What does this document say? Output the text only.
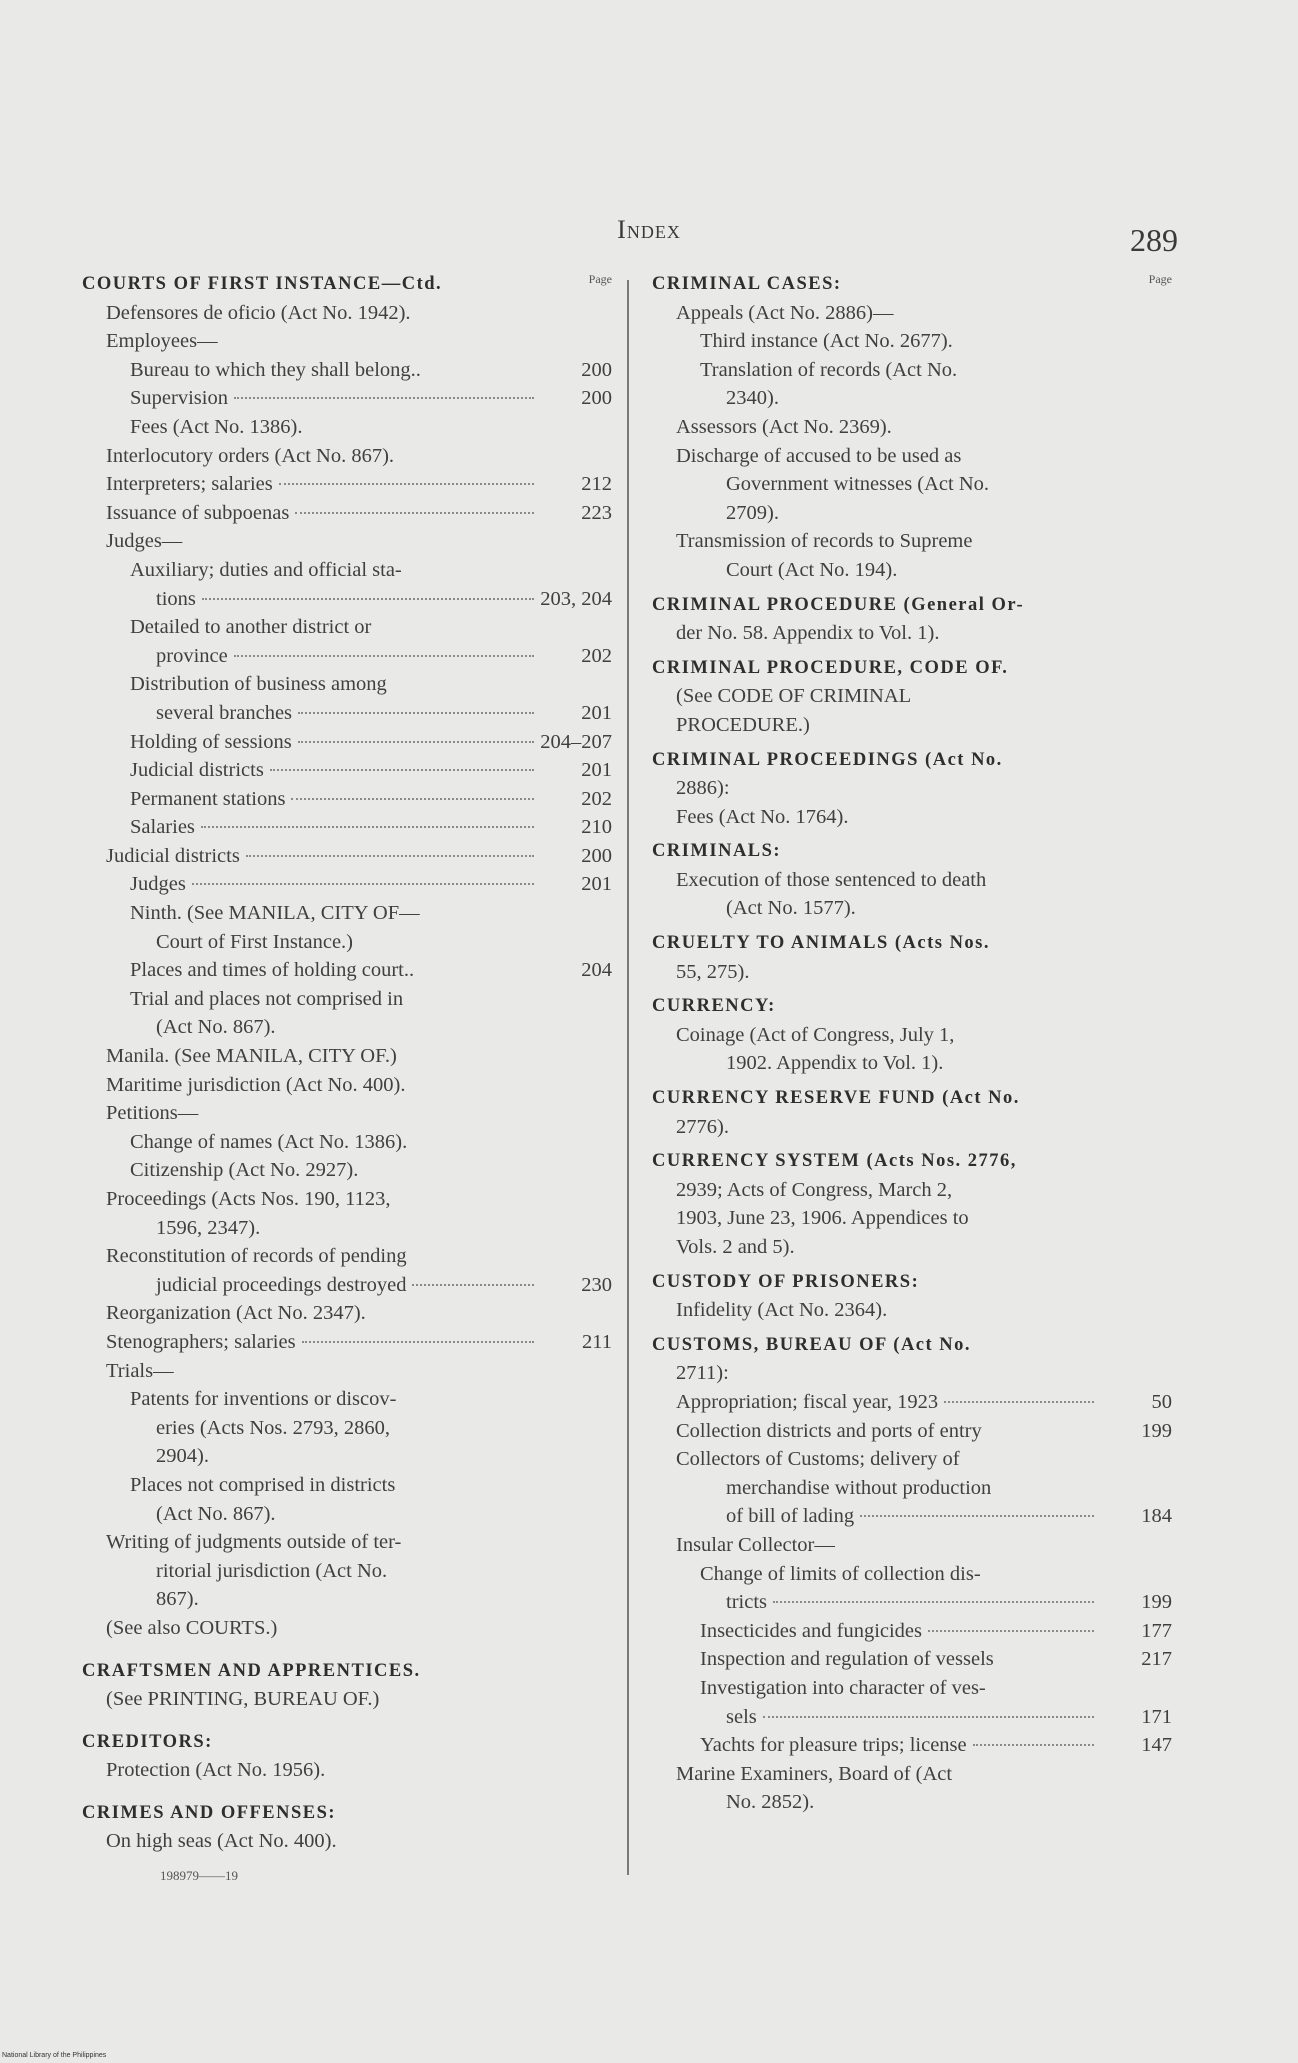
Index	289
Page
COURTS OF FIRST INSTANCE—Ctd.
Defensores de oficio (Act No. 1942).
Employees—
Bureau to which they shall belong..	200
Supervision	200
Fees (Act No. 1386).
Interlocutory orders (Act No. 867).
Interpreters; salaries	212
Issuance of subpoenas	223
Judges—
Auxiliary; duties and official sta-
tions	203, 204
Detailed to another district or
province	202
Distribution of business among
several branches	201
Holding of sessions	204–207
Judicial districts	201
Permanent stations	202
Salaries	210
Judicial districts	200
Judges	201
Ninth. (See MANILA, CITY OF—
Court of First Instance.)
Places and times of holding court..	204
Trial and places not comprised in
(Act No. 867).
Manila. (See MANILA, CITY OF.)
Maritime jurisdiction (Act No. 400).
Petitions—
Change of names (Act No. 1386).
Citizenship (Act No. 2927).
Proceedings (Acts Nos. 190, 1123,
1596, 2347).
Reconstitution of records of pending
judicial proceedings destroyed	230
Reorganization (Act No. 2347).
Stenographers; salaries	211
Trials—
Patents for inventions or discov-
eries (Acts Nos. 2793, 2860,
2904).
Places not comprised in districts
(Act No. 867).
Writing of judgments outside of ter-
ritorial jurisdiction (Act No.
867).
(See also COURTS.)
CRAFTSMEN AND APPRENTICES.
(See PRINTING, BUREAU OF.)
CREDITORS:
Protection (Act No. 1956).
CRIMES AND OFFENSES:
On high seas (Act No. 400).
Page
CRIMINAL CASES:
Appeals (Act No. 2886)—
Third instance (Act No. 2677).
Translation of records (Act No.
2340).
Assessors (Act No. 2369).
Discharge of accused to be used as
Government witnesses (Act No.
2709).
Transmission of records to Supreme
Court (Act No. 194).
CRIMINAL PROCEDURE (General Or-
der No. 58. Appendix to Vol. 1).
CRIMINAL PROCEDURE, CODE OF.
(See CODE OF CRIMINAL
PROCEDURE.)
CRIMINAL PROCEEDINGS (Act No.
2886):
Fees (Act No. 1764).
CRIMINALS:
Execution of those sentenced to death
(Act No. 1577).
CRUELTY TO ANIMALS (Acts Nos.
55, 275).
CURRENCY:
Coinage (Act of Congress, July 1,
1902. Appendix to Vol. 1).
CURRENCY RESERVE FUND (Act No.
2776).
CURRENCY SYSTEM (Acts Nos. 2776,
2939; Acts of Congress, March 2,
1903, June 23, 1906. Appendices to
Vols. 2 and 5).
CUSTODY OF PRISONERS:
Infidelity (Act No. 2364).
CUSTOMS, BUREAU OF (Act No.
2711):
Appropriation; fiscal year, 1923	50
Collection districts and ports of entry	199
Collectors of Customs; delivery of
merchandise without production
of bill of lading	184
Insular Collector—
Change of limits of collection dis-
tricts	199
Insecticides and fungicides	177
Inspection and regulation of vessels	217
Investigation into character of ves-
sels	171
Yachts for pleasure trips; license	147
Marine Examiners, Board of (Act
No. 2852).
198979——19
National Library of the Philippines
